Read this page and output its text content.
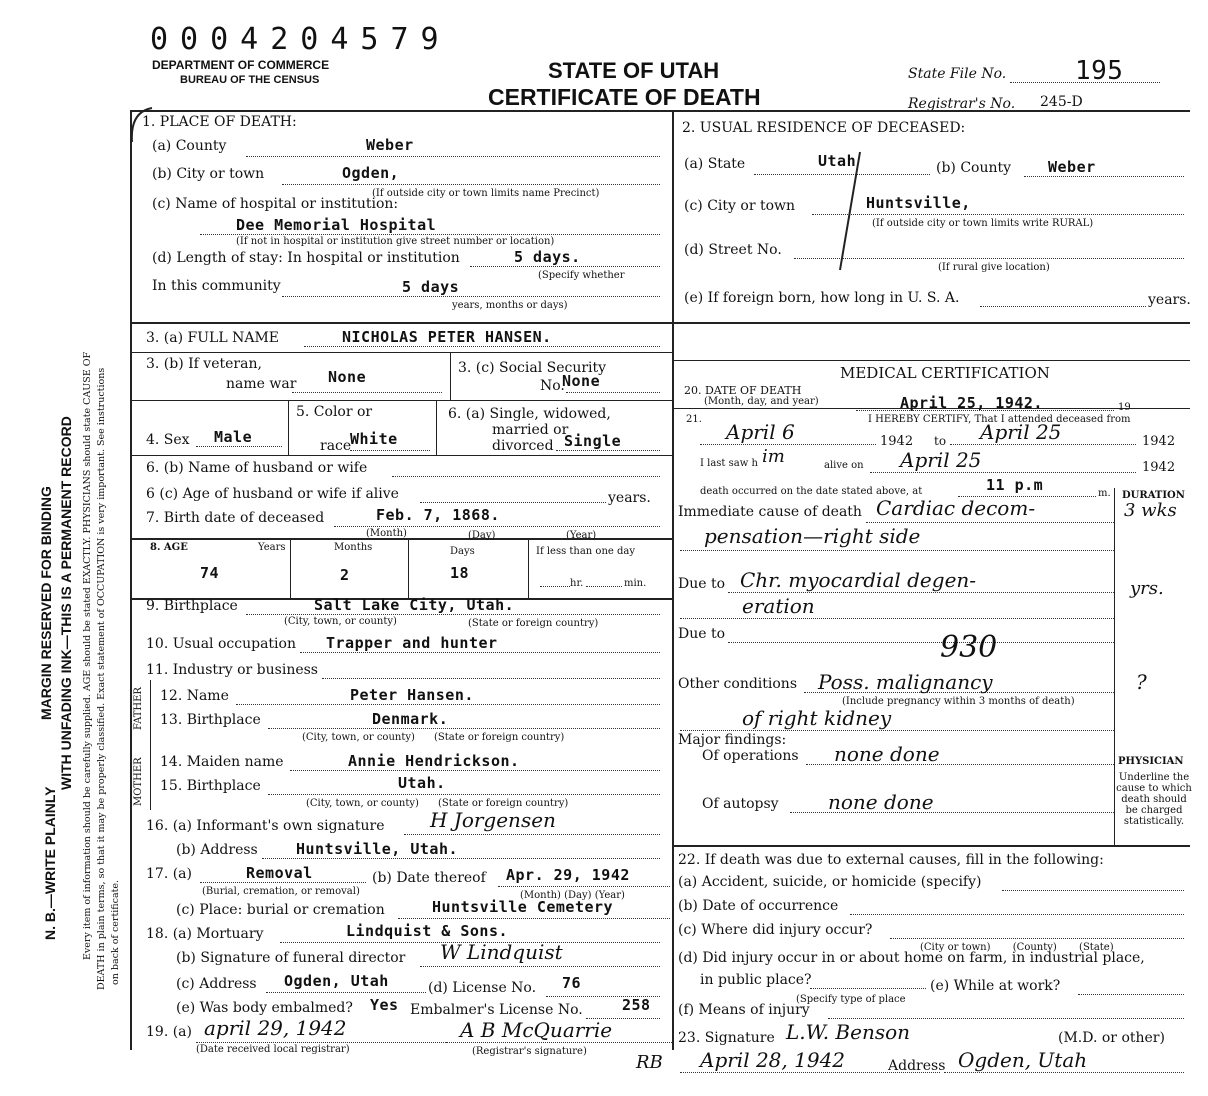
0004204579
DEPARTMENT OF COMMERCE
BUREAU OF THE CENSUS	STATE OF UTAH
CERTIFICATE OF DEATH
State File No.	195
Registrar's No. 245-D
MARGIN RESERVED FOR BINDING WITH UNFADING INK—THIS IS A PERMANENT RECORD
N. B.—WRITE PLAINLY	Every item of information should be carefully supplied. AGE should be stated EXACTLY. PHYSICIANS should state CAUSE OF DEATH in plain terms, so that it may be properly classified. Exact statement of OCCUPATION is very important. See instructions on back of certificate.
1. PLACE OF DEATH:
(a) County	Weber
(b) City or town	Ogden,
(If outside city or town limits name Precinct)
(c) Name of hospital or institution:
Dee Memorial Hospital
(If not in hospital or institution give street number or location)
(d) Length of stay: In hospital or institution	5 days.
(Specify whether
In this community	5 days
years, months or days)
2. USUAL RESIDENCE OF DECEASED:
(a) State	Utah	(b) County Weber
(c) City or town	Huntsville,
(If outside city or town limits write RURAL)
(d) Street No.
(If rural give location)
(e) If foreign born, how long in U. S. A.	years.
3. (a) FULL NAME	NICHOLAS PETER HANSEN.
3. (b) If veteran,
name war None	3. (c) Social Security
No.
None
4. Sex Male
5. Color or
race
White
6. (a) Single, widowed,
married or
divorced Single
6. (b) Name of husband or wife
6 (c) Age of husband or wife if alive	years.
7. Birth date of deceased	Feb. 7, 1868.
(Month)	(Day)	(Year)
8. AGE	Years	Months	Days	If less than one day
74	2	18
hr.	min.
9. Birthplace	Salt Lake City, Utah.
(City, town, or county)	(State or foreign country)
10. Usual occupation Trapper and hunter
11. Industry or business
FATHER
MOTHER
12. Name	Peter Hansen.
13. Birthplace	Denmark.
(City, town, or county)      (State or foreign country)
14. Maiden name	Annie Hendrickson.
15. Birthplace	Utah.
(City, town, or county)      (State or foreign country)
16. (a) Informant's own signature H Jorgensen
(b) Address	Huntsville, Utah.
17. (a)	Removal
(Burial, cremation, or removal)
(b) Date thereof Apr. 29, 1942
(Month) (Day) (Year)
(c) Place: burial or cremation	Huntsville Cemetery
18. (a) Mortuary	Lindquist & Sons.
(b) Signature of funeral director W Lindquist
(c) Address Ogden, Utah	(d) License No. 76
(e) Was body embalmed? Yes Embalmer's License No.	258
19. (a) april 29, 1942
(Date received local registrar)
A B McQuarrie
(Registrar's signature)
MEDICAL CERTIFICATION
20. DATE OF DEATH
(Month, day, and year)	April 25, 1942.	19
21.	I HEREBY CERTIFY, That I attended deceased from
April 6	1942 to April 25	1942
I last saw h im	alive on April 25	1942
death occurred on the date stated above, at	11 p.m	m. DURATION
Immediate cause of death Cardiac decom-	3 wks
pensation—right side
Due to Chr. myocardial degen-	yrs.
eration
Due to	930
Other conditions Poss. malignancy	?
(Include pregnancy within 3 months of death)
of right kidney
Major findings:
Of operations none done
Of autopsy none done
PHYSICIAN
Underline the cause to which death should be charged statistically.
22. If death was due to external causes, fill in the following:
(a) Accident, suicide, or homicide (specify)
(b) Date of occurrence
(c) Where did injury occur?
(City or town)       (County)       (State)
(d) Did injury occur in or about home on farm, in industrial place,
in public place?
(Specify type of place
(e) While at work?
(f) Means of injury
23. Signature L.W. Benson	(M.D. or other)
RB April 28, 1942	Address Ogden, Utah
